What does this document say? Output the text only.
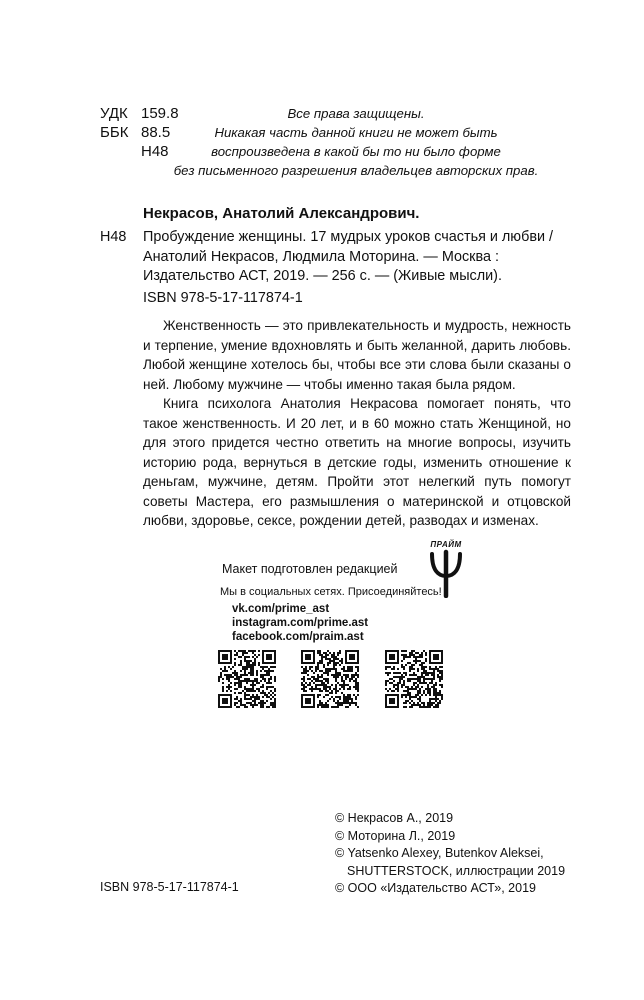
УДК 159.8
ББК 88.5
Н48
Все права защищены.
Никакая часть данной книги не может быть
воспроизведена в какой бы то ни было форме
без письменного разрешения владельцев авторских прав.
Некрасов, Анатолий Александрович.
Н48 Пробуждение женщины. 17 мудрых уроков счастья и любви / Анатолий Некрасов, Людмила Моторина. — Москва : Издательство АСТ, 2019. — 256 с. — (Живые мысли).
ISBN 978-5-17-117874-1

Женственность — это привлекательность и мудрость, нежность и терпение, умение вдохновлять и быть желанной, дарить любовь. Любой женщине хотелось бы, чтобы все эти слова были сказаны о ней. Любому мужчине — чтобы именно такая была рядом.

Книга психолога Анатолия Некрасова помогает понять, что такое женственность. И 20 лет, и в 60 можно стать Женщиной, но для этого придется честно ответить на многие вопросы, изучить историю рода, вернуться в детские годы, изменить отношение к деньгам, мужчине, детям. Пройти этот нелегкий путь помогут советы Мастера, его размышления о материнской и отцовской любви, здоровье, сексе, рождении детей, разводах и изменах.

Макет подготовлен редакцией
ПРАЙМ
Мы в социальных сетях. Присоединяйтесь!
vk.com/prime_ast
instagram.com/prime.ast
facebook.com/praim.ast
© Некрасов А., 2019
© Моторина Л., 2019
© Yatsenko Alexey, Butenkov Aleksei,
SHUTTERSTOCK, иллюстрации 2019
© ООО «Издательство АСТ», 2019
ISBN 978-5-17-117874-1
